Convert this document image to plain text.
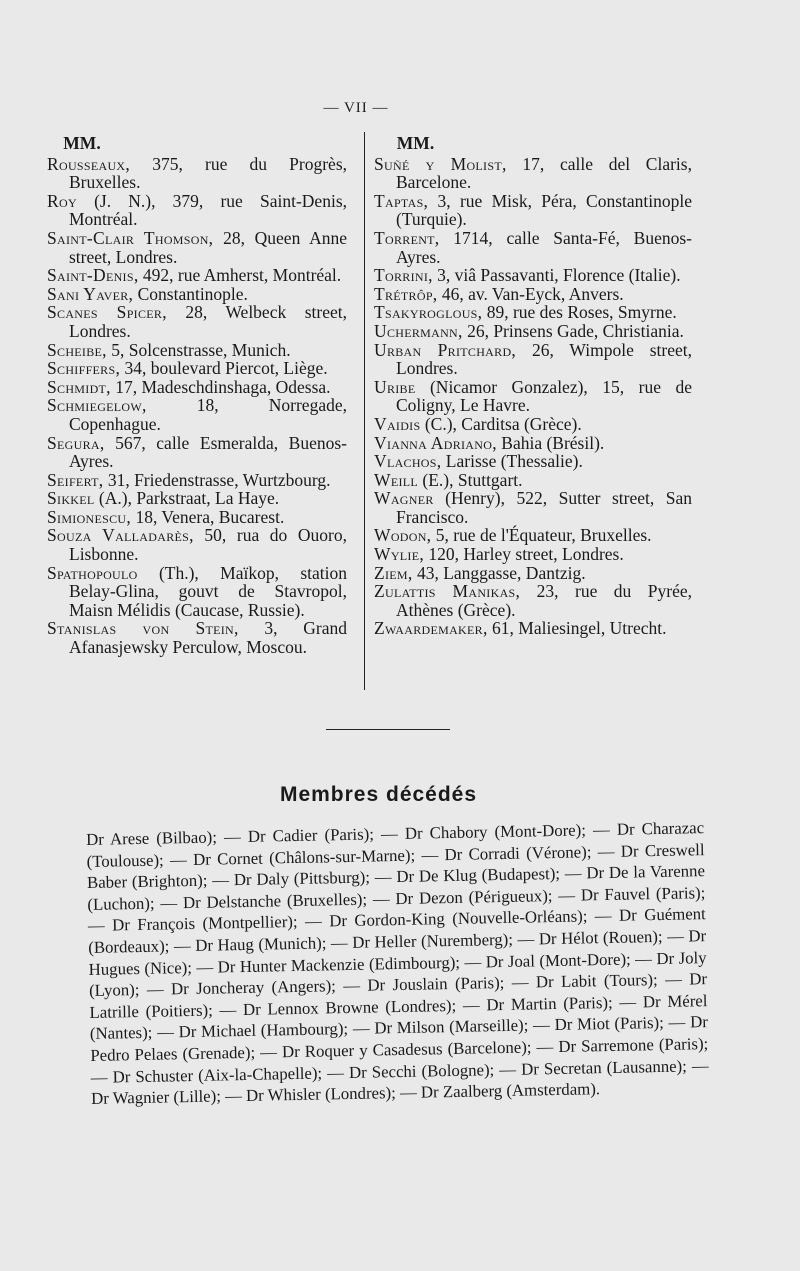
— VII —
MM.

Rousseaux, 375, rue du Progrès, Bruxelles.

Roy (J. N.), 379, rue Saint-Denis, Montréal.

Saint-Clair Thomson, 28, Queen Anne street, Londres.

Saint-Denis, 492, rue Amherst, Montréal.

Sani Yaver, Constantinople.

Scanes Spicer, 28, Welbeck street, Londres.

Scheibe, 5, Solcenstrasse, Munich.

Schiffers, 34, boulevard Piercot, Liège.

Schmidt, 17, Madeschdinshaga, Odessa.

Schmiegelow, 18, Norregade, Copenhague.

Segura, 567, calle Esmeralda, Buenos-Ayres.

Seifert, 31, Friedenstrasse, Wurtzbourg.

Sikkel (A.), Parkstraat, La Haye.

Simionescu, 18, Venera, Bucarest.

Souza Valladarès, 50, rua do Ouoro, Lisbonne.

Spathopoulo (Th.), Maïkop, station Belay-Glina, gouvt de Stavropol, Maisn Mélidis (Caucase, Russie).

Stanislas von Stein, 3, Grand Afanasjewsky Perculow, Moscou.

MM.

Suñé y Molist, 17, calle del Claris, Barcelone.

Taptas, 3, rue Misk, Péra, Constantinople (Turquie).

Torrent, 1714, calle Santa-Fé, Buenos-Ayres.

Torrini, 3, viâ Passavanti, Florence (Italie).

Trétrôp, 46, av. Van-Eyck, Anvers.

Tsakyroglous, 89, rue des Roses, Smyrne.

Uchermann, 26, Prinsens Gade, Christiania.

Urban Pritchard, 26, Wimpole street, Londres.

Uribe (Nicamor Gonzalez), 15, rue de Coligny, Le Havre.

Vaidis (C.), Carditsa (Grèce).

Vianna Adriano, Bahia (Brésil).

Vlachos, Larisse (Thessalie).

Weill (E.), Stuttgart.

Wagner (Henry), 522, Sutter street, San Francisco.

Wodon, 5, rue de l'Équateur, Bruxelles.

Wylie, 120, Harley street, Londres.

Ziem, 43, Langgasse, Dantzig.

Zulattis Manikas, 23, rue du Pyrée, Athènes (Grèce).

Zwaardemaker, 61, Maliesingel, Utrecht.

Membres décédés
Dr Arese (Bilbao); — Dr Cadier (Paris); — Dr Chabory (Mont-Dore); — Dr Charazac (Toulouse); — Dr Cornet (Châlons-sur-Marne); — Dr Corradi (Vérone); — Dr Creswell Baber (Brighton); — Dr Daly (Pittsburg); — Dr De Klug (Budapest); — Dr De la Varenne (Luchon); — Dr Delstanche (Bruxelles); — Dr Dezon (Périgueux); — Dr Fauvel (Paris); — Dr François (Montpellier); — Dr Gordon-King (Nouvelle-Orléans); — Dr Guément (Bordeaux); — Dr Haug (Munich); — Dr Heller (Nuremberg); — Dr Hélot (Rouen); — Dr Hugues (Nice); — Dr Hunter Mackenzie (Edimbourg); — Dr Joal (Mont-Dore); — Dr Joly (Lyon); — Dr Joncheray (Angers); — Dr Jouslain (Paris); — Dr Labit (Tours); — Dr Latrille (Poitiers); — Dr Lennox Browne (Londres); — Dr Martin (Paris); — Dr Mérel (Nantes); — Dr Michael (Hambourg); — Dr Milson (Marseille); — Dr Miot (Paris); — Dr Pedro Pelaes (Grenade); — Dr Roquer y Casadesus (Barcelone); — Dr Sarremone (Paris); — Dr Schuster (Aix-la-Chapelle); — Dr Secchi (Bologne); — Dr Secretan (Lausanne); — Dr Wagnier (Lille); — Dr Whisler (Londres); — Dr Zaalberg (Amsterdam).
